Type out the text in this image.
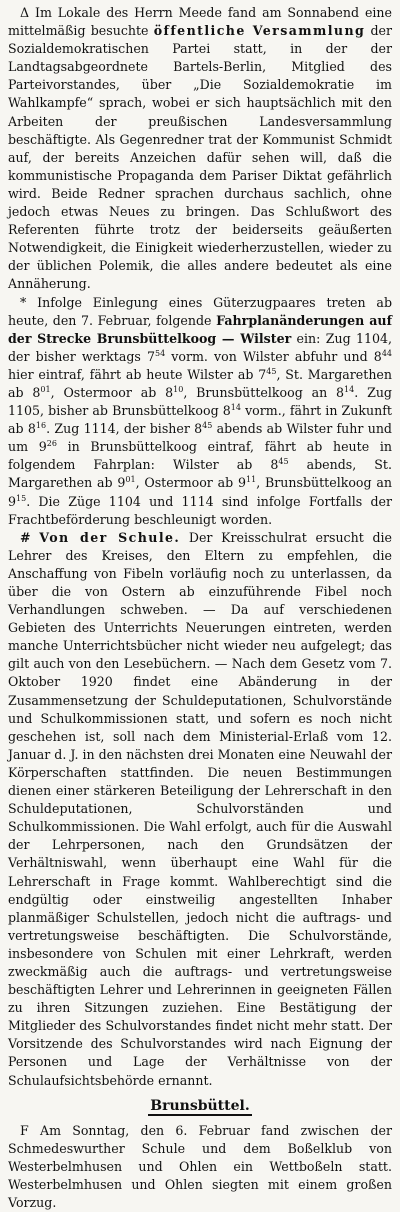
Δ Im Lokale des Herrn Meede fand am Sonnabend eine mittelmäßig besuchte öffentliche Versammlung der Sozialdemokratischen Partei statt, in der der Landtagsabgeordnete Bartels-Berlin, Mitglied des Parteivorstandes, über „Die Sozialdemokratie im Wahlkampfe“ sprach, wobei er sich hauptsächlich mit den Arbeiten der preußischen Landesversammlung beschäftigte. Als Gegenredner trat der Kommunist Schmidt auf, der bereits Anzeichen dafür sehen will, daß die kommunistische Propaganda dem Pariser Diktat gefährlich wird. Beide Redner sprachen durchaus sachlich, ohne jedoch etwas Neues zu bringen. Das Schlußwort des Referenten führte trotz der beiderseits geäußerten Notwendigkeit, die Einigkeit wiederherzustellen, wieder zu der üblichen Polemik, die alles andere bedeutet als eine Annäherung.

* Infolge Einlegung eines Güterzugpaares treten ab heute, den 7. Februar, folgende Fahrplanänderungen auf der Strecke Brunsbüttelkoog — Wilster ein: Zug 1104, der bisher werktags $7^{54}$ vorm. von Wilster abfuhr und $8^{44}$ hier eintraf, fährt ab heute Wilster ab $7^{45}$, St. Margarethen ab $8^{01}$, Ostermoor ab $8^{10}$, Brunsbüttelkoog an $8^{14}$. Zug 1105, bisher ab Brunsbüttelkoog $8^{14}$ vorm., fährt in Zukunft ab $8^{16}$. Zug 1114, der bisher $8^{45}$ abends ab Wilster fuhr und um $9^{26}$ in Brunsbüttelkoog eintraf, fährt ab heute in folgendem Fahrplan: Wilster ab $8^{45}$ abends, St. Margarethen ab $9^{01}$, Ostermoor ab $9^{11}$, Brunsbüttelkoog an $9^{15}$. Die Züge 1104 und 1114 sind infolge Fortfalls der Frachtbeförderung beschleunigt worden.

# Von der Schule. Der Kreisschulrat ersucht die Lehrer des Kreises, den Eltern zu empfehlen, die Anschaffung von Fibeln vorläufig noch zu unterlassen, da über die von Ostern ab einzuführende Fibel noch Verhandlungen schweben. — Da auf verschiedenen Gebieten des Unterrichts Neuerungen eintreten, werden manche Unterrichtsbücher nicht wieder neu aufgelegt; das gilt auch von den Lesebüchern. — Nach dem Gesetz vom 7. Oktober 1920 findet eine Abänderung in der Zusammensetzung der Schuldeputationen, Schulvorstände und Schulkommissionen statt, und sofern es noch nicht geschehen ist, soll nach dem Ministerial-Erlaß vom 12. Januar d. J. in den nächsten drei Monaten eine Neuwahl der Körperschaften stattfinden. Die neuen Bestimmungen dienen einer stärkeren Beteiligung der Lehrerschaft in den Schuldeputationen, Schulvorständen und Schulkommissionen. Die Wahl erfolgt, auch für die Auswahl der Lehrpersonen, nach den Grundsätzen der Verhältniswahl, wenn überhaupt eine Wahl für die Lehrerschaft in Frage kommt. Wahlberechtigt sind die endgültig oder einstweilig angestellten Inhaber planmäßiger Schulstellen, jedoch nicht die auftrags- und vertretungsweise beschäftigten. Die Schulvorstände, insbesondere von Schulen mit einer Lehrkraft, werden zweckmäßig auch die auftrags- und vertretungsweise beschäftigten Lehrer und Lehrerinnen in geeigneten Fällen zu ihren Sitzungen zuziehen. Eine Bestätigung der Mitglieder des Schulvorstandes findet nicht mehr statt. Der Vorsitzende des Schulvorstandes wird nach Eignung der Personen und Lage der Verhältnisse von der Schulaufsichtsbehörde ernannt.

Brunsbüttel.

F Am Sonntag, den 6. Februar fand zwischen der Schmedeswurther Schule und dem Boßelklub von Westerbelmhusen und Ohlen ein Wettboßeln statt. Westerbelmhusen und Ohlen siegten mit einem großen Vorzug.
